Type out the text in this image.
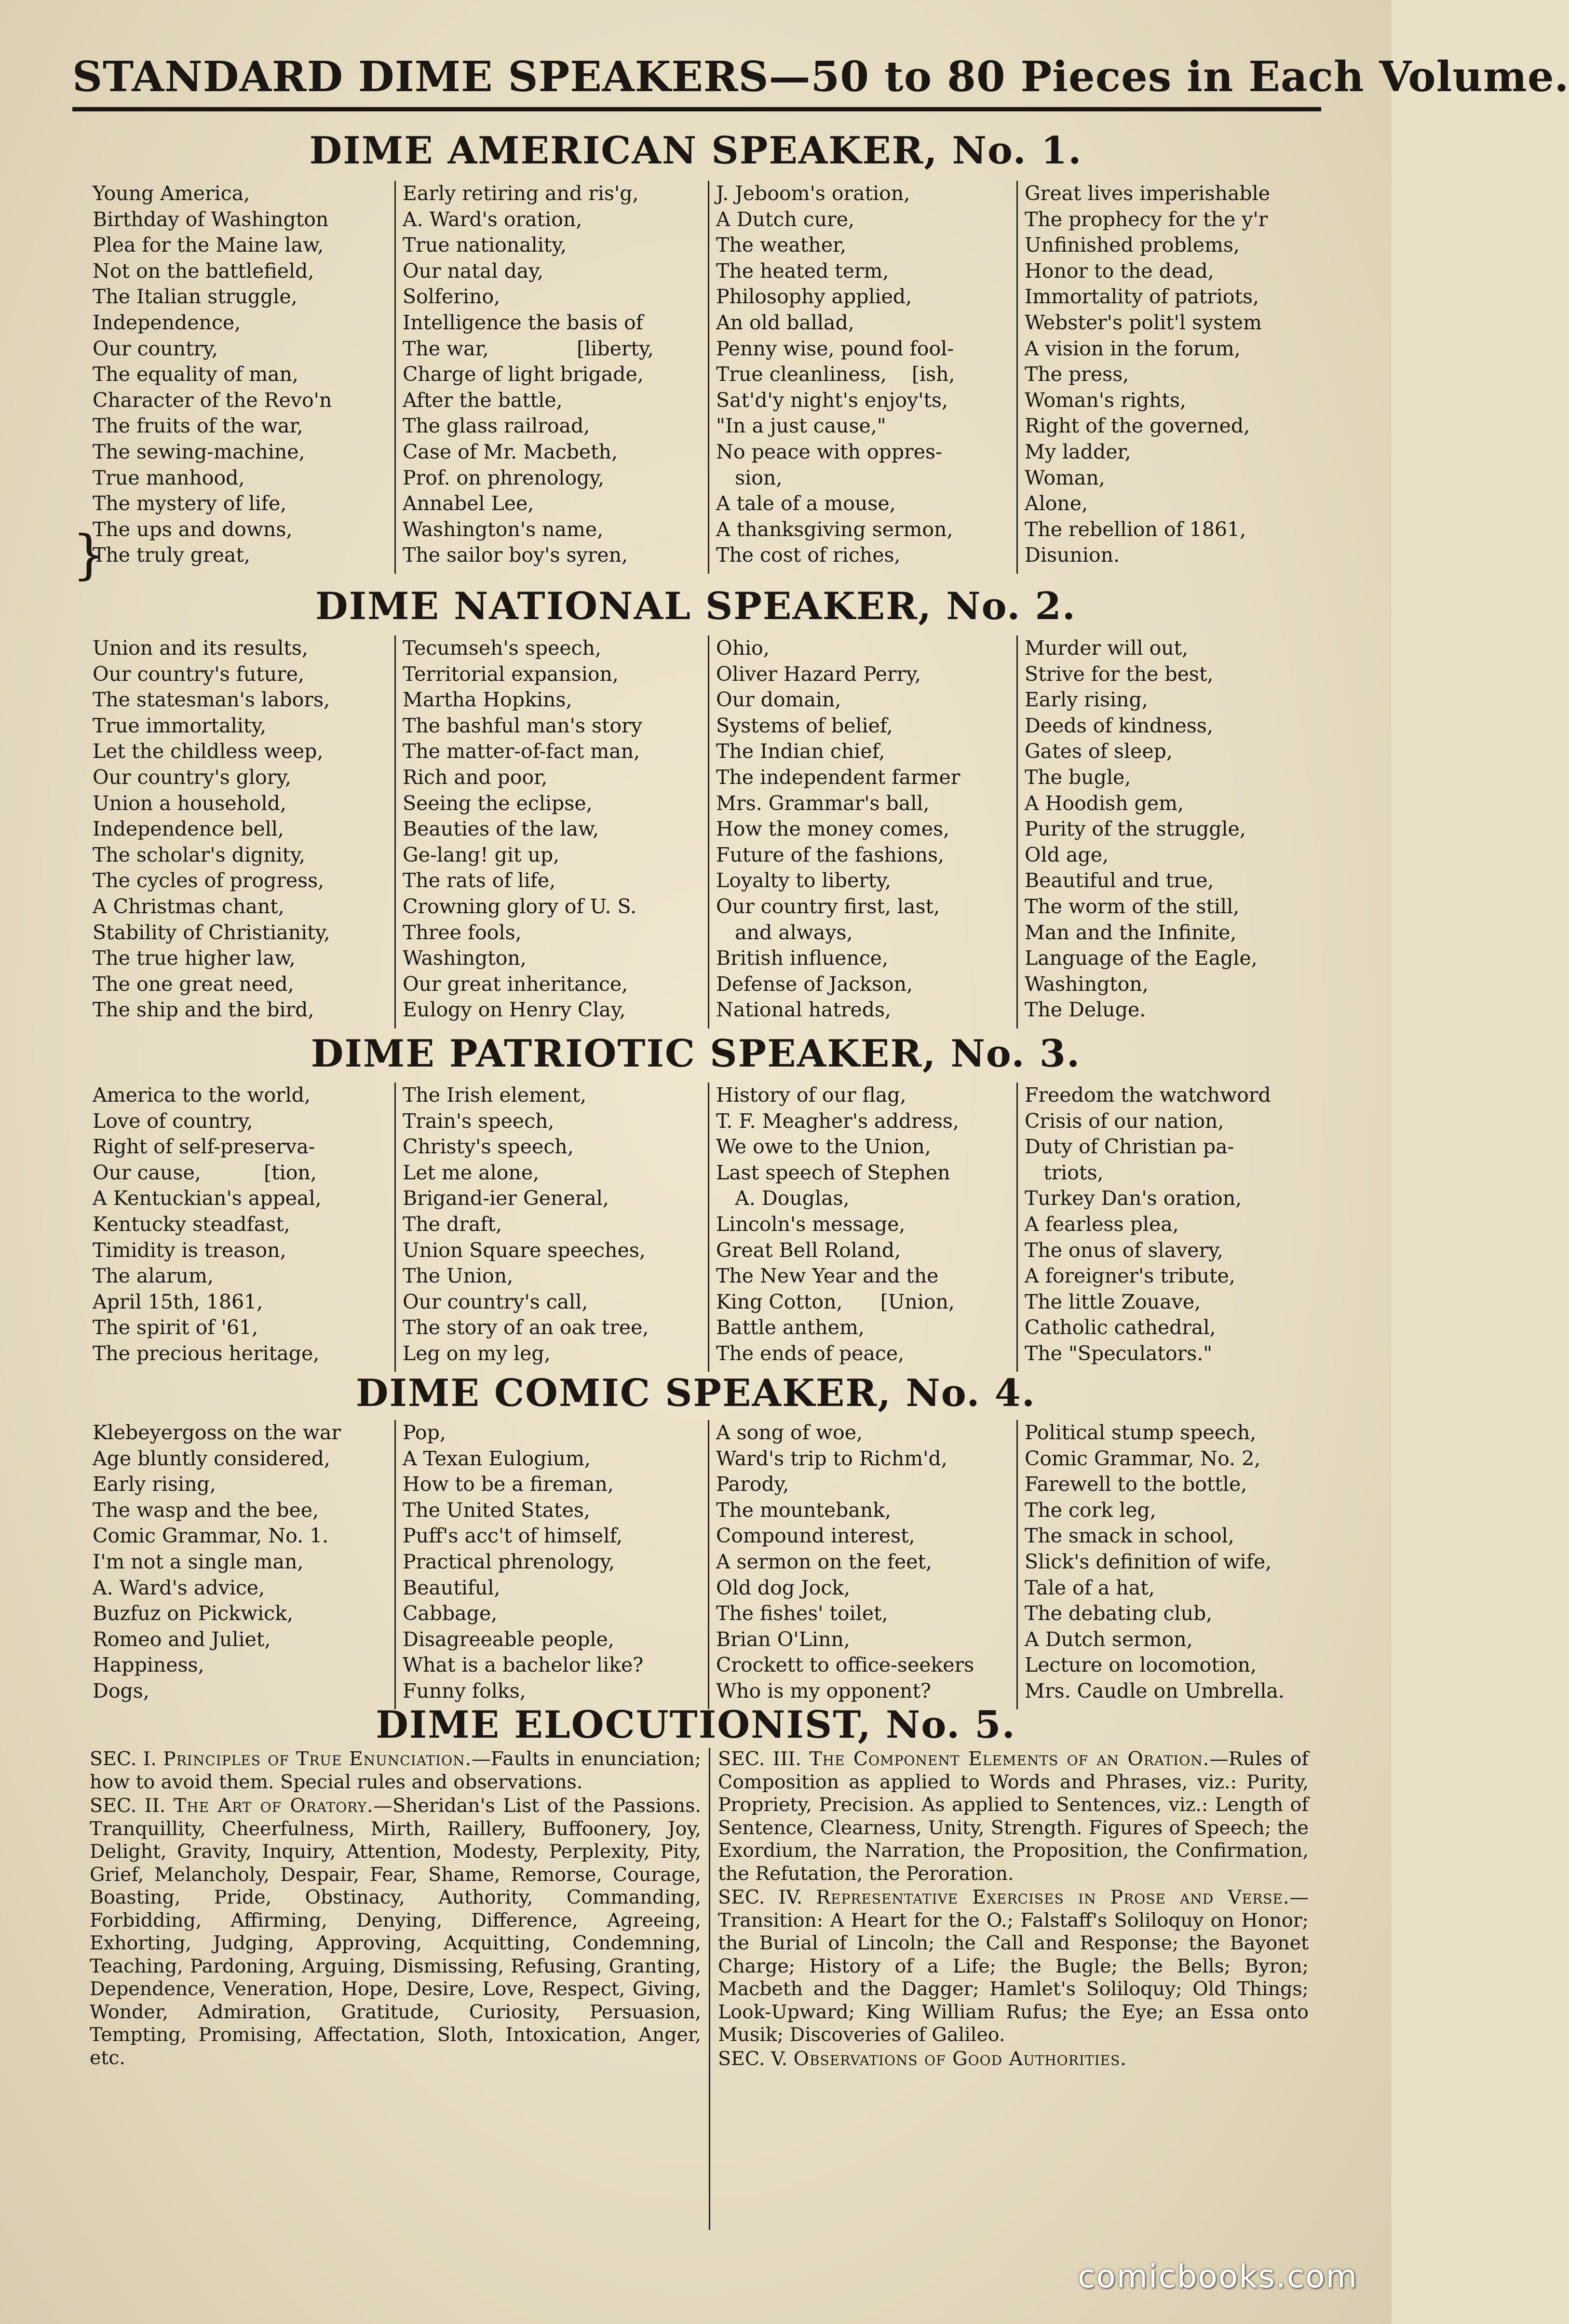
STANDARD DIME SPEAKERS—50 to 80 Pieces in Each Volume.
DIME AMERICAN SPEAKER, No. 1.
Young America,
Birthday of Washington
Plea for the Maine law,
Not on the battlefield,
The Italian struggle,
Independence,
Our country,
The equality of man,
Character of the Revo'n
The fruits of the war,
The sewing-machine,
True manhood,
The mystery of life,
The ups and downs,
The truly great,
Early retiring and ris'g,
A. Ward's oration,
True nationality,
Our natal day,
Solferino,
Intelligence the basis of
The war,              [liberty,
Charge of light brigade,
After the battle,
The glass railroad,
Case of Mr. Macbeth,
Prof. on phrenology,
Annabel Lee,
Washington's name,
The sailor boy's syren,
J. Jeboom's oration,
A Dutch cure,
The weather,
The heated term,
Philosophy applied,
An old ballad,
Penny wise, pound fool-
True cleanliness,    [ish,
Sat'd'y night's enjoy'ts,
"In a just cause,"
No peace with oppres-
sion,
A tale of a mouse,
A thanksgiving sermon,
The cost of riches,
Great lives imperishable
The prophecy for the y'r
Unfinished problems,
Honor to the dead,
Immortality of patriots,
Webster's polit'l system
A vision in the forum,
The press,
Woman's rights,
Right of the governed,
My ladder,
Woman,
Alone,
The rebellion of 1861,
Disunion.
}
DIME NATIONAL SPEAKER, No. 2.
Union and its results,
Our country's future,
The statesman's labors,
True immortality,
Let the childless weep,
Our country's glory,
Union a household,
Independence bell,
The scholar's dignity,
The cycles of progress,
A Christmas chant,
Stability of Christianity,
The true higher law,
The one great need,
The ship and the bird,
Tecumseh's speech,
Territorial expansion,
Martha Hopkins,
The bashful man's story
The matter-of-fact man,
Rich and poor,
Seeing the eclipse,
Beauties of the law,
Ge-lang! git up,
The rats of life,
Crowning glory of U. S.
Three fools,
Washington,
Our great inheritance,
Eulogy on Henry Clay,
Ohio,
Oliver Hazard Perry,
Our domain,
Systems of belief,
The Indian chief,
The independent farmer
Mrs. Grammar's ball,
How the money comes,
Future of the fashions,
Loyalty to liberty,
Our country first, last,
and always,
British influence,
Defense of Jackson,
National hatreds,
Murder will out,
Strive for the best,
Early rising,
Deeds of kindness,
Gates of sleep,
The bugle,
A Hoodish gem,
Purity of the struggle,
Old age,
Beautiful and true,
The worm of the still,
Man and the Infinite,
Language of the Eagle,
Washington,
The Deluge.
DIME PATRIOTIC SPEAKER, No. 3.
America to the world,
Love of country,
Right of self-preserva-
Our cause,          [tion,
A Kentuckian's appeal,
Kentucky steadfast,
Timidity is treason,
The alarum,
April 15th, 1861,
The spirit of '61,
The precious heritage,
The Irish element,
Train's speech,
Christy's speech,
Let me alone,
Brigand-ier General,
The draft,
Union Square speeches,
The Union,
Our country's call,
The story of an oak tree,
Leg on my leg,
History of our flag,
T. F. Meagher's address,
We owe to the Union,
Last speech of Stephen
A. Douglas,
Lincoln's message,
Great Bell Roland,
The New Year and the
King Cotton,      [Union,
Battle anthem,
The ends of peace,
Freedom the watchword
Crisis of our nation,
Duty of Christian pa-
triots,
Turkey Dan's oration,
A fearless plea,
The onus of slavery,
A foreigner's tribute,
The little Zouave,
Catholic cathedral,
The "Speculators."
DIME COMIC SPEAKER, No. 4.
Klebeyergoss on the war
Age bluntly considered,
Early rising,
The wasp and the bee,
Comic Grammar, No. 1.
I'm not a single man,
A. Ward's advice,
Buzfuz on Pickwick,
Romeo and Juliet,
Happiness,
Dogs,
Pop,
A Texan Eulogium,
How to be a fireman,
The United States,
Puff's acc't of himself,
Practical phrenology,
Beautiful,
Cabbage,
Disagreeable people,
What is a bachelor like?
Funny folks,
A song of woe,
Ward's trip to Richm'd,
Parody,
The mountebank,
Compound interest,
A sermon on the feet,
Old dog Jock,
The fishes' toilet,
Brian O'Linn,
Crockett to office-seekers
Who is my opponent?
Political stump speech,
Comic Grammar, No. 2,
Farewell to the bottle,
The cork leg,
The smack in school,
Slick's definition of wife,
Tale of a hat,
The debating club,
A Dutch sermon,
Lecture on locomotion,
Mrs. Caudle on Umbrella.
DIME ELOCUTIONIST, No. 5.
SEC. I. Principles of True Enunciation.—Faults in enunciation; how to avoid them. Special rules and observations.
SEC. II. The Art of Oratory.—Sheridan's List of the Passions. Tranquillity, Cheerfulness, Mirth, Raillery, Buffoonery, Joy, Delight, Gravity, Inquiry, Attention, Modesty, Perplexity, Pity, Grief, Melancholy, Despair, Fear, Shame, Remorse, Courage, Boasting, Pride, Obstinacy, Authority, Commanding, Forbidding, Affirming, Denying, Difference, Agreeing, Exhorting, Judging, Approving, Acquitting, Condemning, Teaching, Pardoning, Arguing, Dismissing, Refusing, Granting, Dependence, Veneration, Hope, Desire, Love, Respect, Giving, Wonder, Admiration, Gratitude, Curiosity, Persuasion, Tempting, Promising, Affectation, Sloth, Intoxication, Anger, etc.
SEC. III. The Component Elements of an Oration.—Rules of Composition as applied to Words and Phrases, viz.: Purity, Propriety, Precision. As applied to Sentences, viz.: Length of Sentence, Clearness, Unity, Strength. Figures of Speech; the Exordium, the Narration, the Proposition, the Confirmation, the Refutation, the Peroration.
SEC. IV. Representative Exercises in Prose and Verse.—Transition: A Heart for the O.; Falstaff's Soliloquy on Honor; the Burial of Lincoln; the Call and Response; the Bayonet Charge; History of a Life; the Bugle; the Bells; Byron; Macbeth and the Dagger; Hamlet's Soliloquy; Old Things; Look-Upward; King William Rufus; the Eye; an Essa onto Musik; Discoveries of Galileo.
SEC. V. Observations of Good Authorities.
comicbooks.com
